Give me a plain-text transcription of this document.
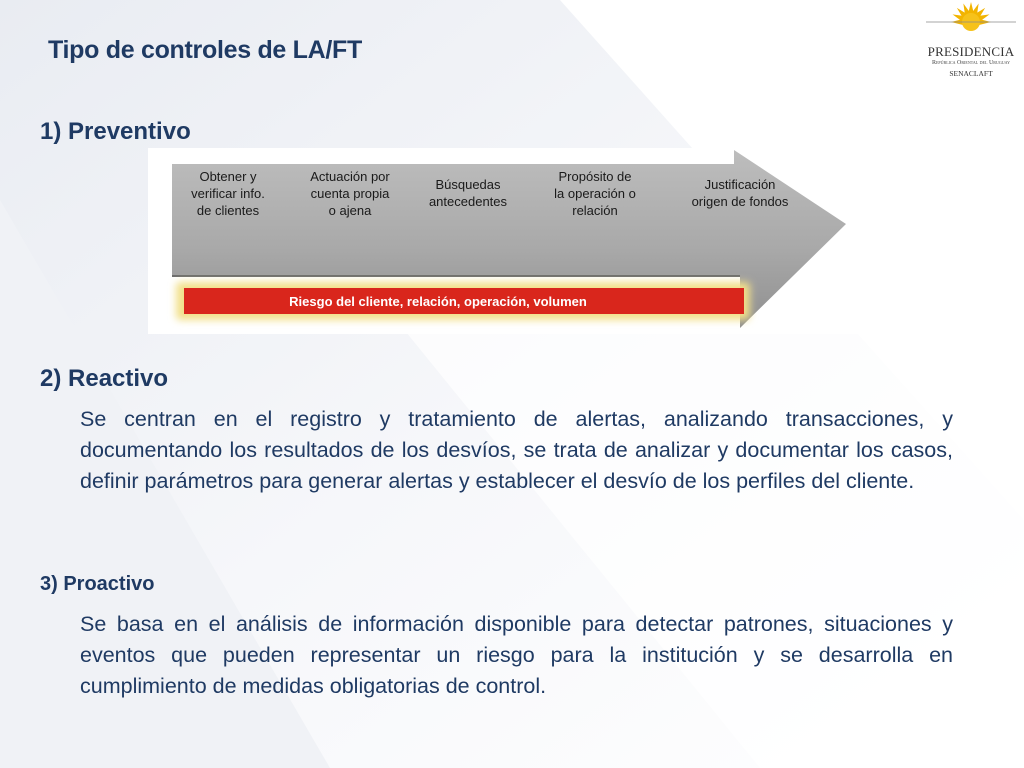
Tipo de controles de LA/FT	PRESIDENCIA
República Oriental del Uruguay
SENACLAFT
1) Preventivo
Riesgo del cliente, relación, operación, volumen
Obtener y
verificar info.
de clientes
Actuación por
cuenta propia
o ajena
Búsquedas
antecedentes
Propósito de
la operación o
relación
Justificación
origen de fondos
2) Reactivo
Se centran en el registro y tratamiento de alertas, analizando transacciones, y documentando los resultados de los desvíos, se trata de analizar y documentar los casos, definir parámetros para generar alertas y establecer el desvío de los perfiles del cliente.
3) Proactivo
Se basa en el análisis de información disponible para detectar patrones, situaciones y eventos que pueden representar un riesgo para la institución y se desarrolla en cumplimiento de medidas obligatorias de control.
